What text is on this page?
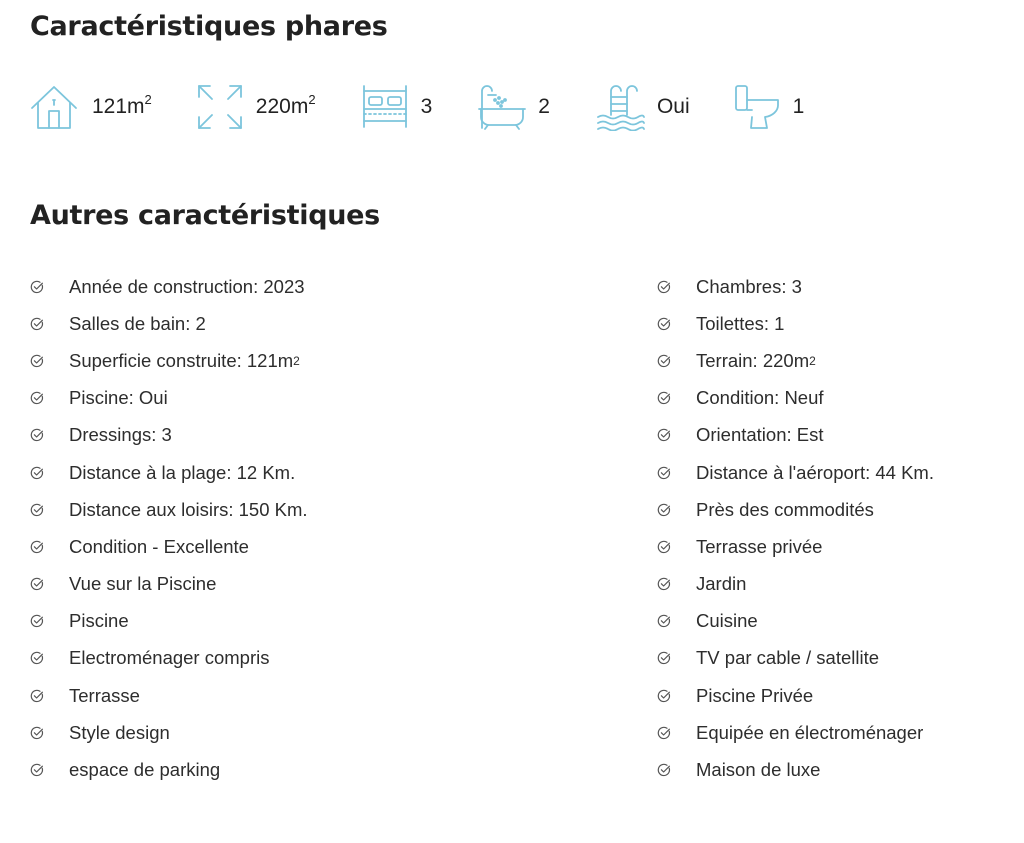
Caractéristiques phares
$121m^2$	$220m^2$	3	2	Oui	1
Autres caractéristiques
Année de construction: 2023
Salles de bain: 2
Superficie construite: 121m 2
Piscine: Oui
Dressings: 3
Distance à la plage: 12 Km.
Distance aux loisirs: 150 Km.
Condition - Excellente
Vue sur la Piscine
Piscine
Electroménager compris
Terrasse
Style design
espace de parking
Chambres: 3
Toilettes: 1
Terrain: 220m 2
Condition: Neuf
Orientation: Est
Distance à l'aéroport: 44 Km.
Près des commodités
Terrasse privée
Jardin
Cuisine
TV par cable / satellite
Piscine Privée
Equipée en électroménager
Maison de luxe
